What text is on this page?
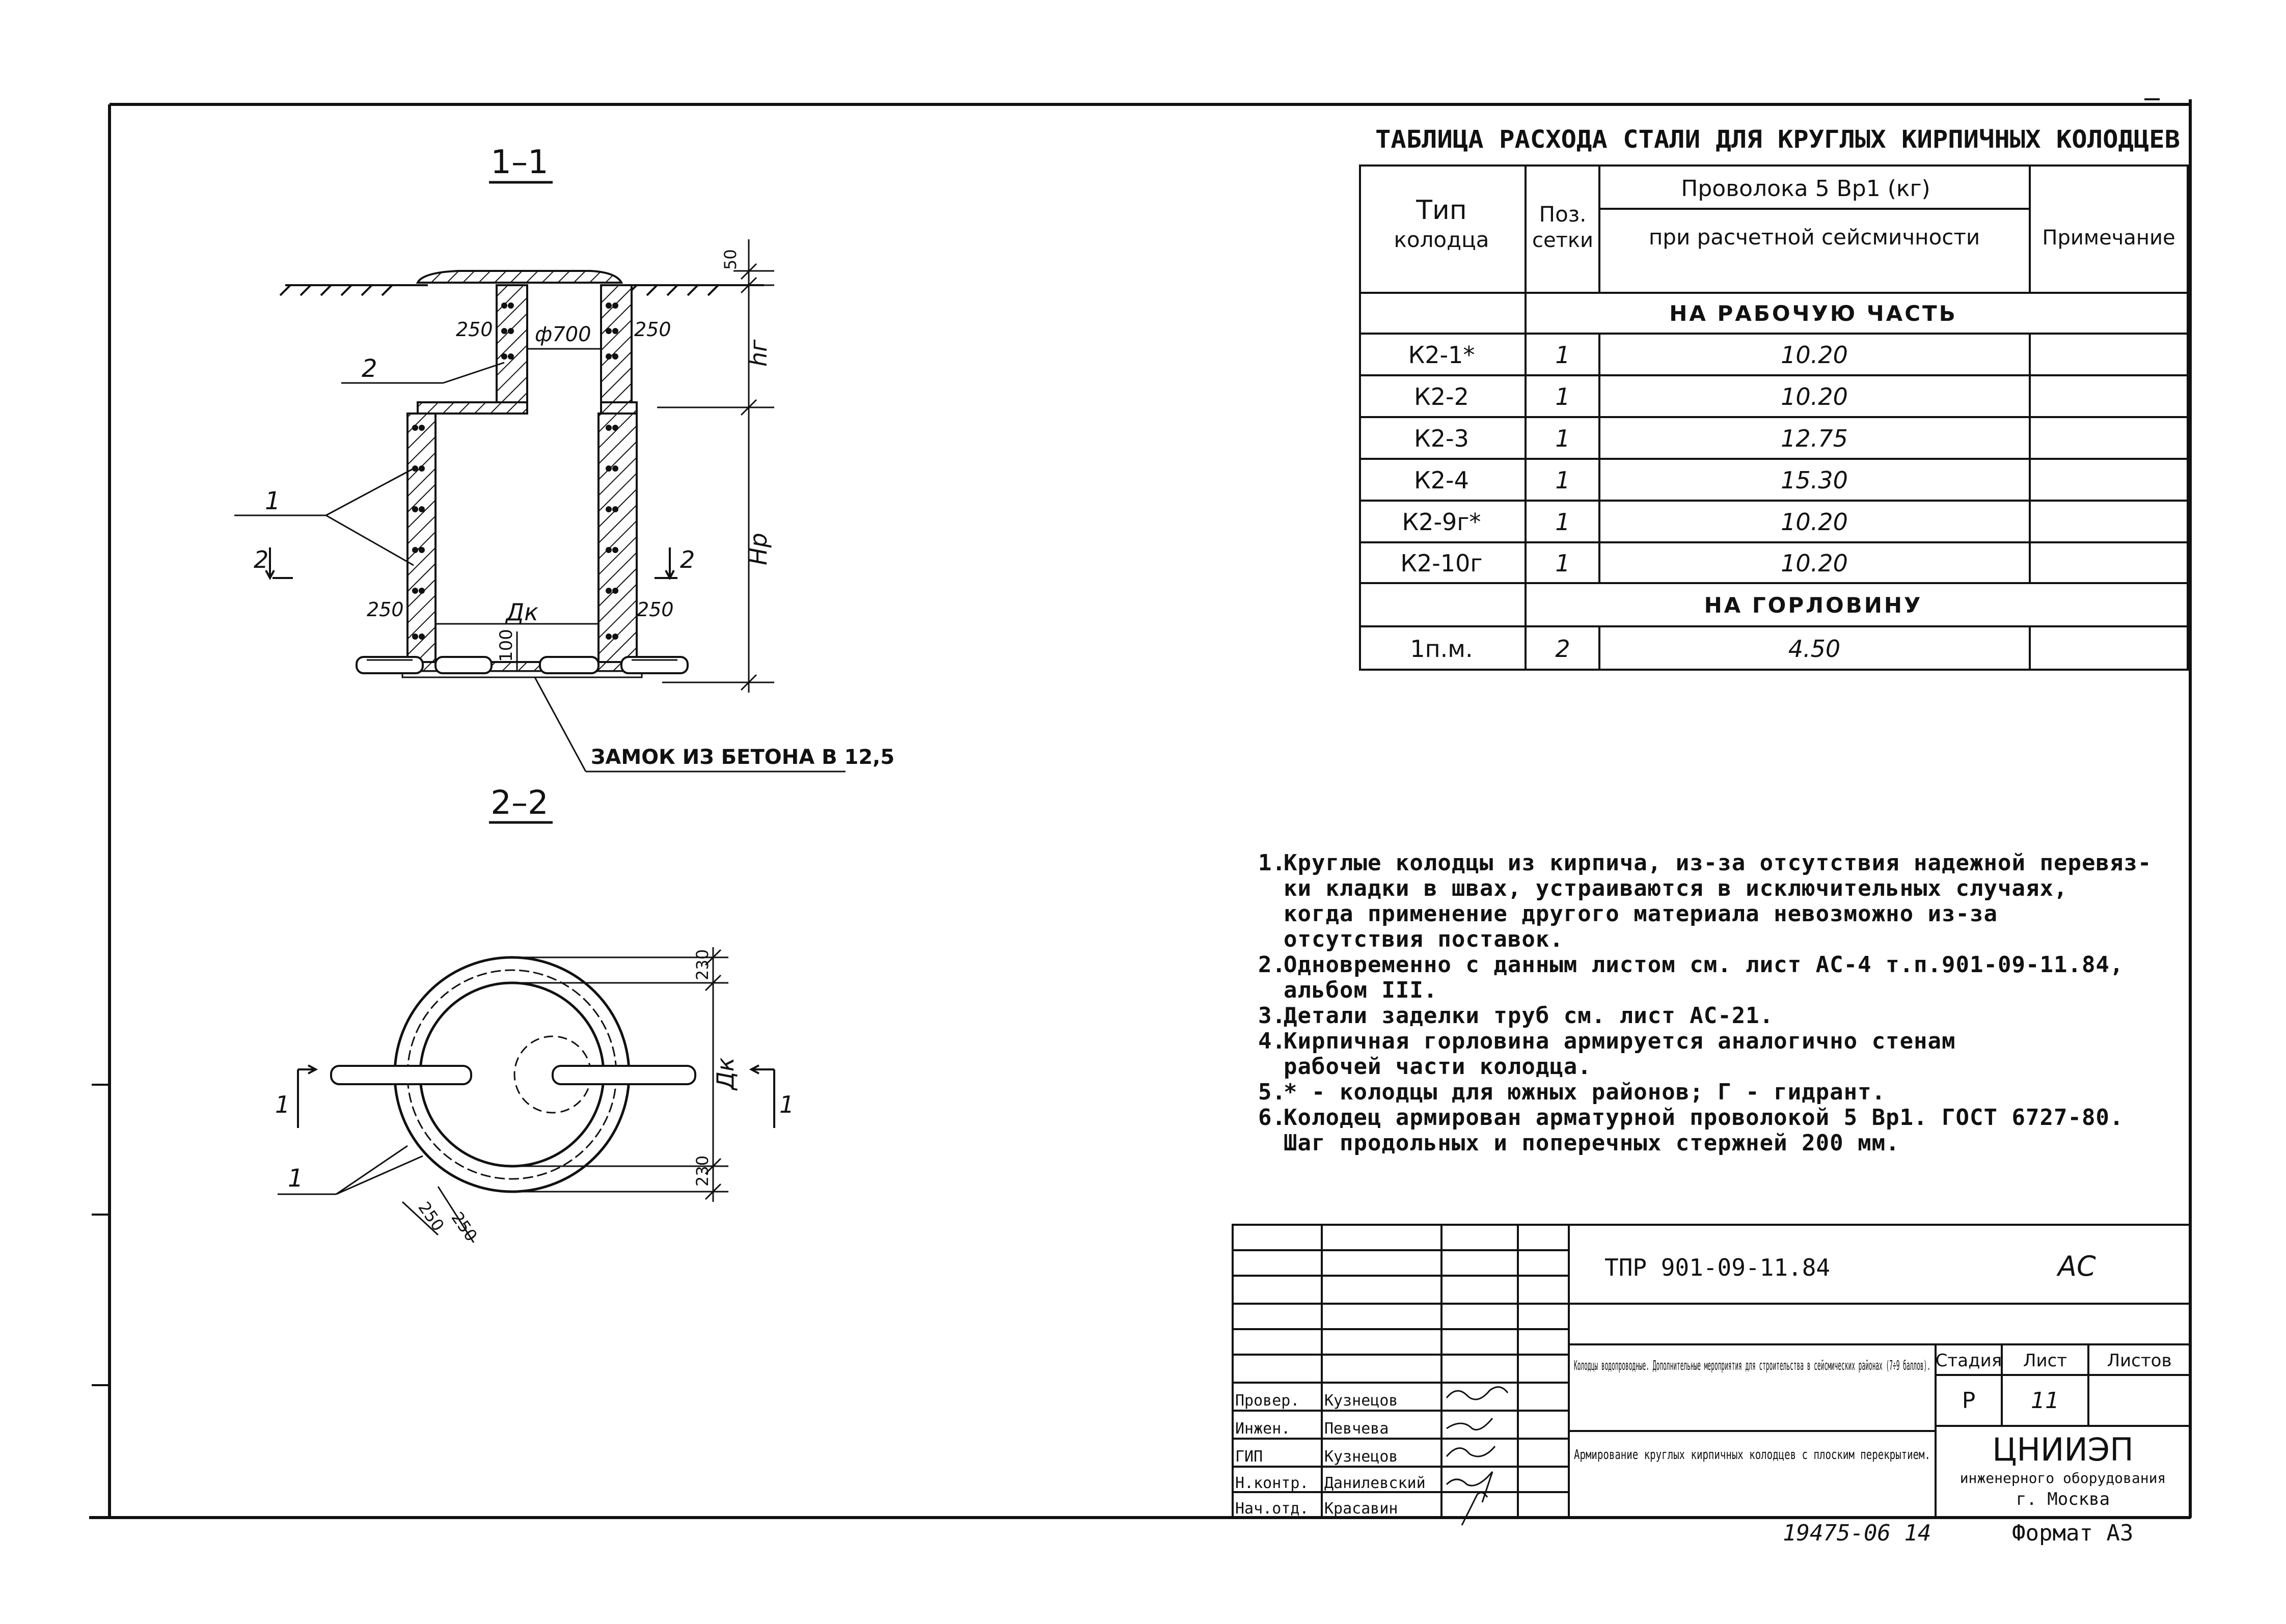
1–1
Дк
100
250	250
250	250
ф700
50
hг
Hр
2
1
2	2
ЗАМОК ИЗ БЕТОНА В 12,5
2–2
230
Дк
230
250
250
1
1	1
ТАБЛИЦА РАСХОДА СТАЛИ ДЛЯ КРУГЛЫХ КИРПИЧНЫХ КОЛОДЦЕВ
Тип
колодца
Поз.
сетки
Проволока 5 Вр1 (кг)
при расчетной сейсмичности	Примечание
НА РАБОЧУЮ ЧАСТЬ
К2-1*	1	10.20
К2-2	1	10.20
К2-3	1	12.75
К2-4	1	15.30
К2-9г*	1	10.20
К2-10г	1	10.20
НА ГОРЛОВИНУ
1п.м.	2	4.50
ТПР 901-09-11.84	АС
Колодцы водопроводные. Дополнительные мероприятия для строительства в сейсмических районах (7÷9 баллов).
Армирование круглых кирпичных колодцев с плоским перекрытием.
Стадия Лист Листов
Р 11
ЦНИИЭП
инженерного оборудования
г. Москва
Провер. Кузнецов
Инжен. Певчева
ГИП	Кузнецов
Н.контр. Данилевский
Нач.отд. Красавин
19475-06 14	Формат А3
1.
Круглые колодцы из кирпича, из-за отсутствия надежной перевяз-
ки кладки в швах, устраиваются в исключительных случаях,
когда применение другого материала невозможно из-за
отсутствия поставок.
2.
Одновременно с данным листом см. лист АС-4 т.п.901-09-11.84,
альбом III.
3.
Детали заделки труб см. лист АС-21.
4.
Кирпичная горловина армируется аналогично стенам
рабочей части колодца.
5.
* - колодцы для южных районов; Г - гидрант.
6.
Колодец армирован арматурной проволокой 5 Вр1. ГОСТ 6727-80.
Шаг продольных и поперечных стержней 200 мм.
